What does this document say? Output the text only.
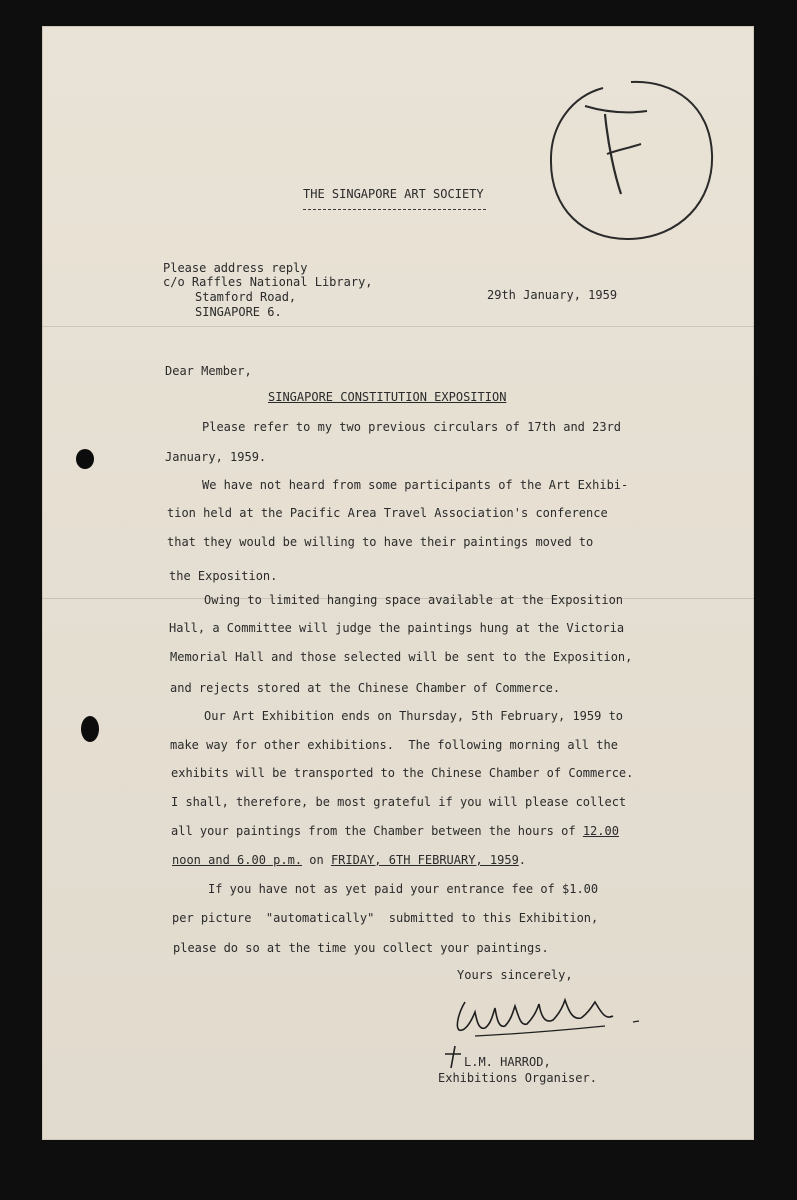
THE SINGAPORE ART SOCIETY
Please address reply
c/o Raffles National Library,
Stamford Road,
SINGAPORE 6.
29th January, 1959
Dear Member,
SINGAPORE CONSTITUTION EXPOSITION
Please refer to my two previous circulars of 17th and 23rd
January, 1959.
We have not heard from some participants of the Art Exhibi-
tion held at the Pacific Area Travel Association's conference
that they would be willing to have their paintings moved to
the Exposition.
Owing to limited hanging space available at the Exposition
Hall, a Committee will judge the paintings hung at the Victoria
Memorial Hall and those selected will be sent to the Exposition,
and rejects stored at the Chinese Chamber of Commerce.
Our Art Exhibition ends on Thursday, 5th February, 1959 to
make way for other exhibitions.  The following morning all the
exhibits will be transported to the Chinese Chamber of Commerce.
I shall, therefore, be most grateful if you will please collect
all your paintings from the Chamber between the hours of 12.00
noon and 6.00 p.m. on FRIDAY, 6TH FEBRUARY, 1959.
If you have not as yet paid your entrance fee of $1.00
per picture  "automatically"  submitted to this Exhibition,
please do so at the time you collect your paintings.
Yours sincerely,
L.M. HARROD,
Exhibitions Organiser.
